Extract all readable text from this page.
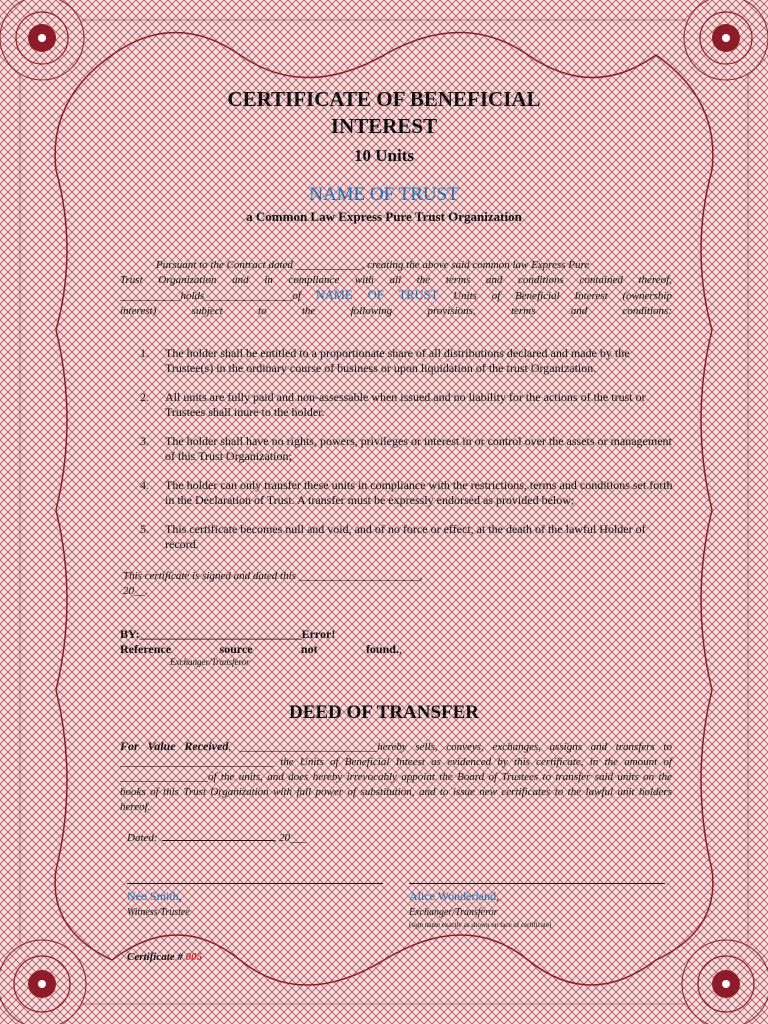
CERTIFICATE OF BENEFICIAL
INTEREST
10 Units
NAME OF TRUST
a Common Law Express Pure Trust Organization
Pursuant to the Contract dated ____________, creating the above said common law Express Pure
Trust Organization and in compliance with all the terms and conditions contained thereof,
___________holds________________of NAME OF TRUST Units of Beneficial Interest (ownership
interest) subject to the following provisions, terms and conditions:
1.	The holder shall be entitled to a proportionate share of all distributions declared and made by the Trustee(s) in the ordinary course of business or upon liquidation of the trust Organization.
2.	All units are fully paid and non-assessable when issued and no liability for the actions of the trust or Trustees shall inure to the holder.
3.	The holder shall have no rights, powers, privileges or interest in or control over the assets or management of this Trust Organization;
4.	The holder can only transfer these units in compliance with the restrictions, terms and conditions set forth in the Declaration of Trust. A transfer must be expressly endorsed as provided below;
5.	This certificate becomes null and void, and of no force or effect, at the death of the lawful Holder of record.
This certificate is signed and dated this ______________________,
20__.
BY:___________________________Error!
Reference	source	not	found.,
Exchanger/Transferor
DEED OF TRANSFER
For Value Received, _________________________hereby sells, conveys, exchanges, assigns and transfers to ____________________________ the Units of Beneficial Inteest as evidenced by this certificate, in the amount of ________________of the units, and does hereby irrevocably appoint the Board of Trustees to transfer said units on the books of this Trust Organization with full power of substitution, and to issue new certificates to the lawful unit holders hereof.
Dated:	, 20___
Neo Smith,
Witness/Trustee
Alice Wonderland,
Exchanger/Transferor
(sign name exactly as shown on face of certificate)
Certificate # 005
